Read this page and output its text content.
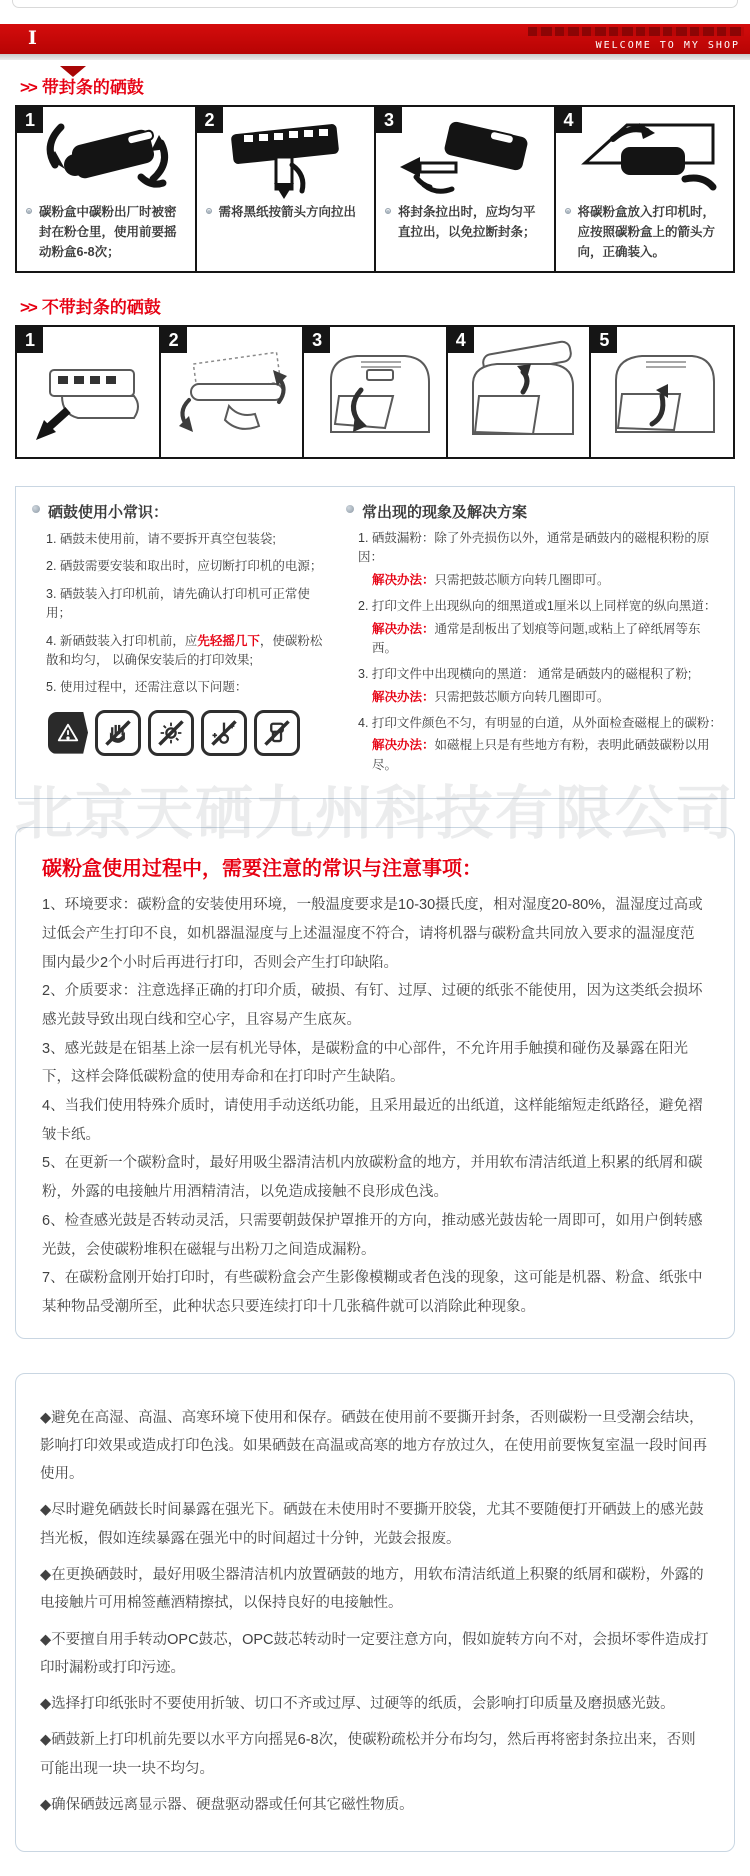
I	WELCOME TO MY SHOP
>> 带封条的硒鼓
1
碳粉盒中碳粉出厂时被密封在粉仓里，使用前要摇动粉盒6-8次；
2
需将黑纸按箭头方向拉出
3
将封条拉出时，应均匀平直拉出，以免拉断封条；
4
将碳粉盒放入打印机时，应按照碳粉盒上的箭头方向，正确装入。
>> 不带封条的硒鼓
1	2	3	4	5
硒鼓使用小常识：
1. 硒鼓未使用前，请不要拆开真空包装袋;
2. 硒鼓需要安装和取出时，应切断打印机的电源；
3. 硒鼓装入打印机前，请先确认打印机可正常使用；
4. 新硒鼓装入打印机前，应先轻摇几下，使碳粉松散和均匀， 以确保安装后的打印效果;
5. 使用过程中，还需注意以下问题：
常出现的现象及解决方案
1. 硒鼓漏粉：除了外壳损伤以外，通常是硒鼓内的磁棍积粉的原因：
解决办法：只需把鼓芯顺方向转几圈即可。
2. 打印文件上出现纵向的细黑道或1厘米以上同样宽的纵向黑道：
解决办法：通常是刮板出了划痕等问题,或粘上了碎纸屑等东西。
3. 打印文件中出现横向的黑道： 通常是硒鼓内的磁棍积了粉;
解决办法：只需把鼓芯顺方向转几圈即可。
4. 打印文件颜色不匀，有明显的白道，从外面检查磁棍上的碳粉：
解决办法：如磁棍上只是有些地方有粉，表明此硒鼓碳粉以用尽。
碳粉盒使用过程中，需要注意的常识与注意事项：
1、环境要求：碳粉盒的安装使用环境，一般温度要求是10-30摄氏度，相对湿度20-80%，温湿度过高或过低会产生打印不良，如机器温湿度与上述温湿度不符合，请将机器与碳粉盒共同放入要求的温湿度范围内最少2个小时后再进行打印，否则会产生打印缺陷。
2、介质要求：注意选择正确的打印介质，破损、有钉、过厚、过硬的纸张不能使用，因为这类纸会损坏感光鼓导致出现白线和空心字，且容易产生底灰。
3、感光鼓是在铝基上涂一层有机光导体，是碳粉盒的中心部件，不允许用手触摸和碰伤及暴露在阳光下，这样会降低碳粉盒的使用寿命和在打印时产生缺陷。
4、当我们使用特殊介质时，请使用手动送纸功能，且采用最近的出纸道，这样能缩短走纸路径，避免褶皱卡纸。
5、在更新一个碳粉盒时，最好用吸尘器清洁机内放碳粉盒的地方，并用软布清洁纸道上积累的纸屑和碳粉，外露的电接触片用酒精清洁，以免造成接触不良形成色浅。
6、检查感光鼓是否转动灵活，只需要朝鼓保护罩推开的方向，推动感光鼓齿轮一周即可，如用户倒转感光鼓，会使碳粉堆积在磁辊与出粉刀之间造成漏粉。
7、在碳粉盒刚开始打印时，有些碳粉盒会产生影像模糊或者色浅的现象，这可能是机器、粉盒、纸张中某种物品受潮所至，此种状态只要连续打印十几张稿件就可以消除此种现象。
◆避免在高湿、高温、高寒环境下使用和保存。硒鼓在使用前不要撕开封条，否则碳粉一旦受潮会结块，影响打印效果或造成打印色浅。如果硒鼓在高温或高寒的地方存放过久，在使用前要恢复室温一段时间再使用。
◆尽时避免硒鼓长时间暴露在强光下。硒鼓在未使用时不要撕开胶袋，尤其不要随便打开硒鼓上的感光鼓挡光板，假如连续暴露在强光中的时间超过十分钟，光鼓会报废。
◆在更换硒鼓时，最好用吸尘器清洁机内放置硒鼓的地方，用软布清洁纸道上积聚的纸屑和碳粉，外露的电接触片可用棉签蘸酒精擦拭，以保持良好的电接触性。
◆不要擅自用手转动OPC鼓芯，OPC鼓芯转动时一定要注意方向，假如旋转方向不对，会损坏零件造成打印时漏粉或打印污迹。
◆选择打印纸张时不要使用折皱、切口不齐或过厚、过硬等的纸质，会影响打印质量及磨损感光鼓。
◆硒鼓新上打印机前先要以水平方向摇晃6-8次，使碳粉疏松并分布均匀，然后再将密封条拉出来，否则可能出现一块一块不均匀。
◆确保硒鼓远离显示器、硬盘驱动器或任何其它磁性物质。
北京天硒九州科技有限公司
